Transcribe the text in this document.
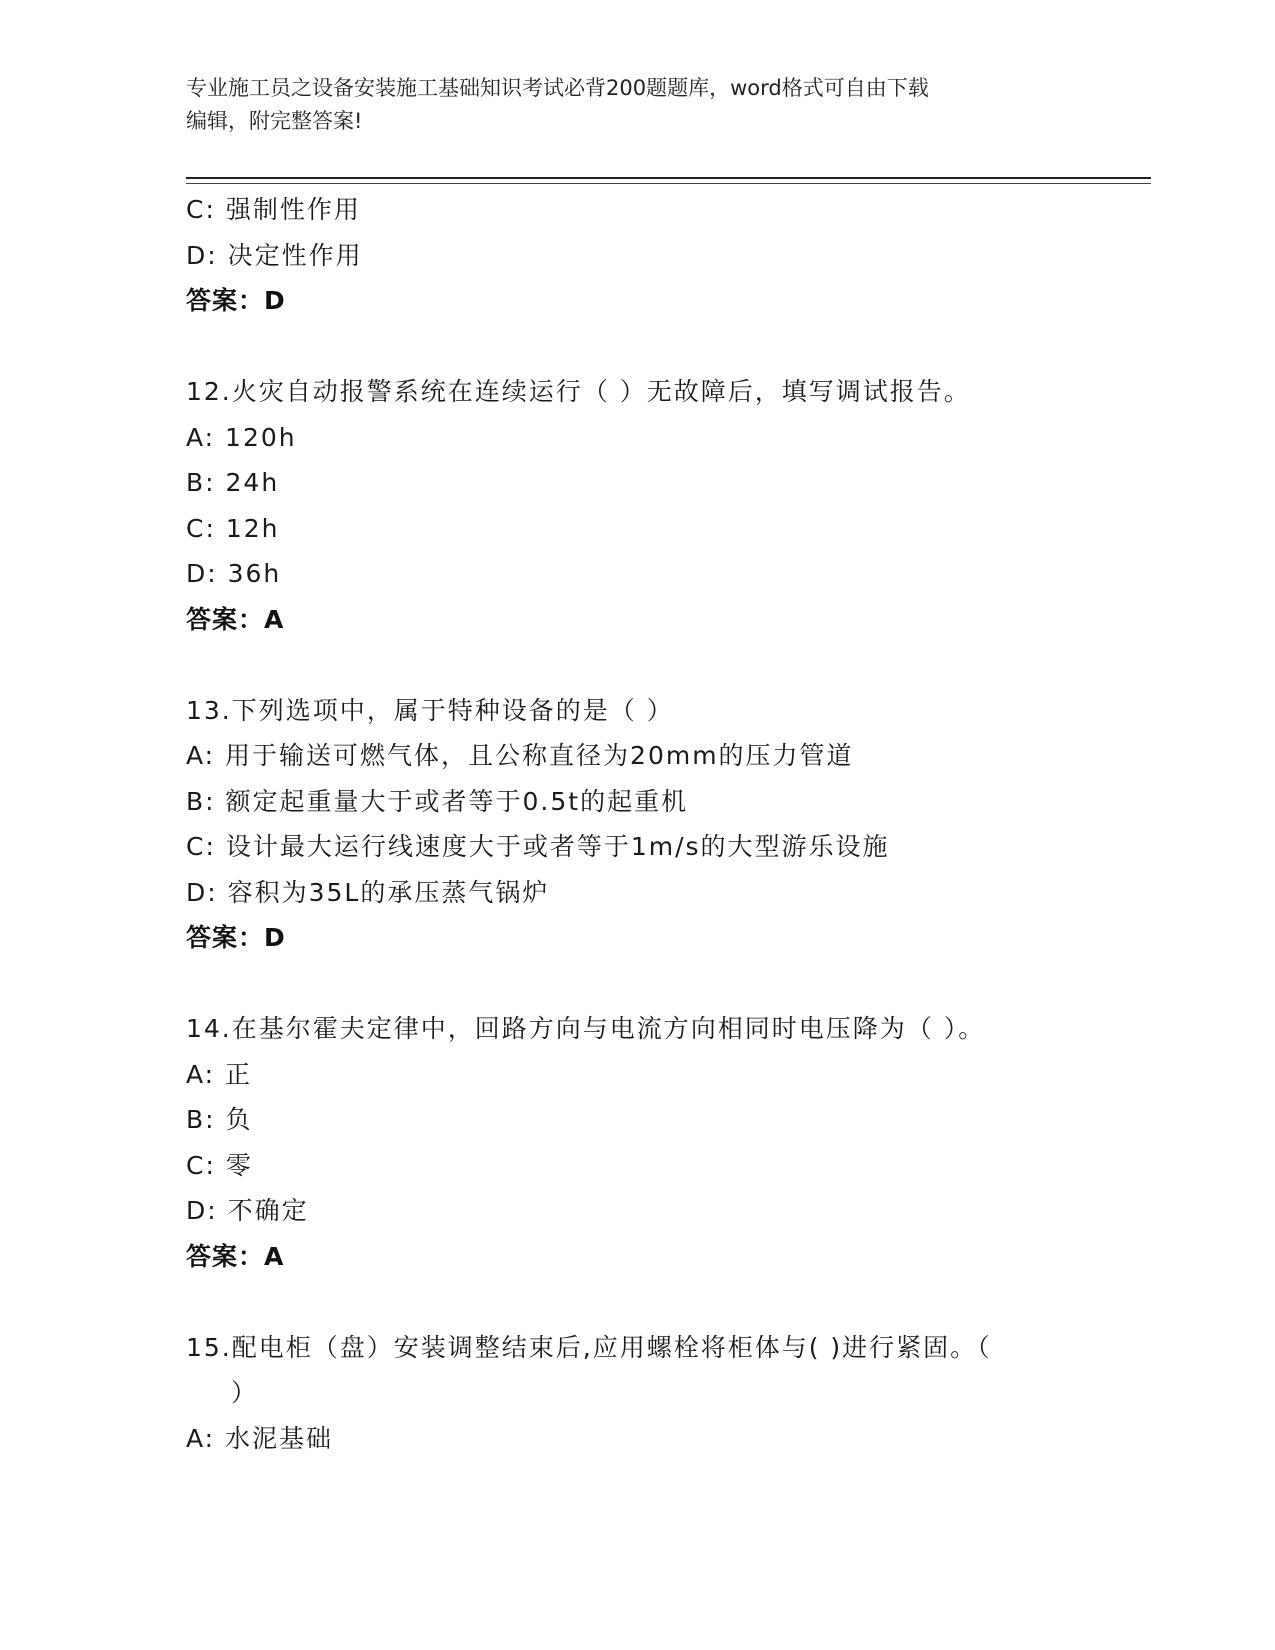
专业施工员之设备安装施工基础知识考试必背200题题库，word格式可自由下载
编辑，附完整答案!
C: 强制性作用
D: 决定性作用
答案：D
12.火灾自动报警系统在连续运行（ ）无故障后，填写调试报告。
A: 120h
B: 24h
C: 12h
D: 36h
答案：A
13.下列选项中，属于特种设备的是（ ）
A: 用于输送可燃气体，且公称直径为20mm的压力管道
B: 额定起重量大于或者等于0.5t的起重机
C: 设计最大运行线速度大于或者等于1m/s的大型游乐设施
D: 容积为35L的承压蒸气锅炉
答案：D
14.在基尔霍夫定律中，回路方向与电流方向相同时电压降为（ ）。
A: 正
B: 负
C: 零
D: 不确定
答案：A
15.配电柜（盘）安装调整结束后,应用螺栓将柜体与( )进行紧固。（
）
A: 水泥基础
